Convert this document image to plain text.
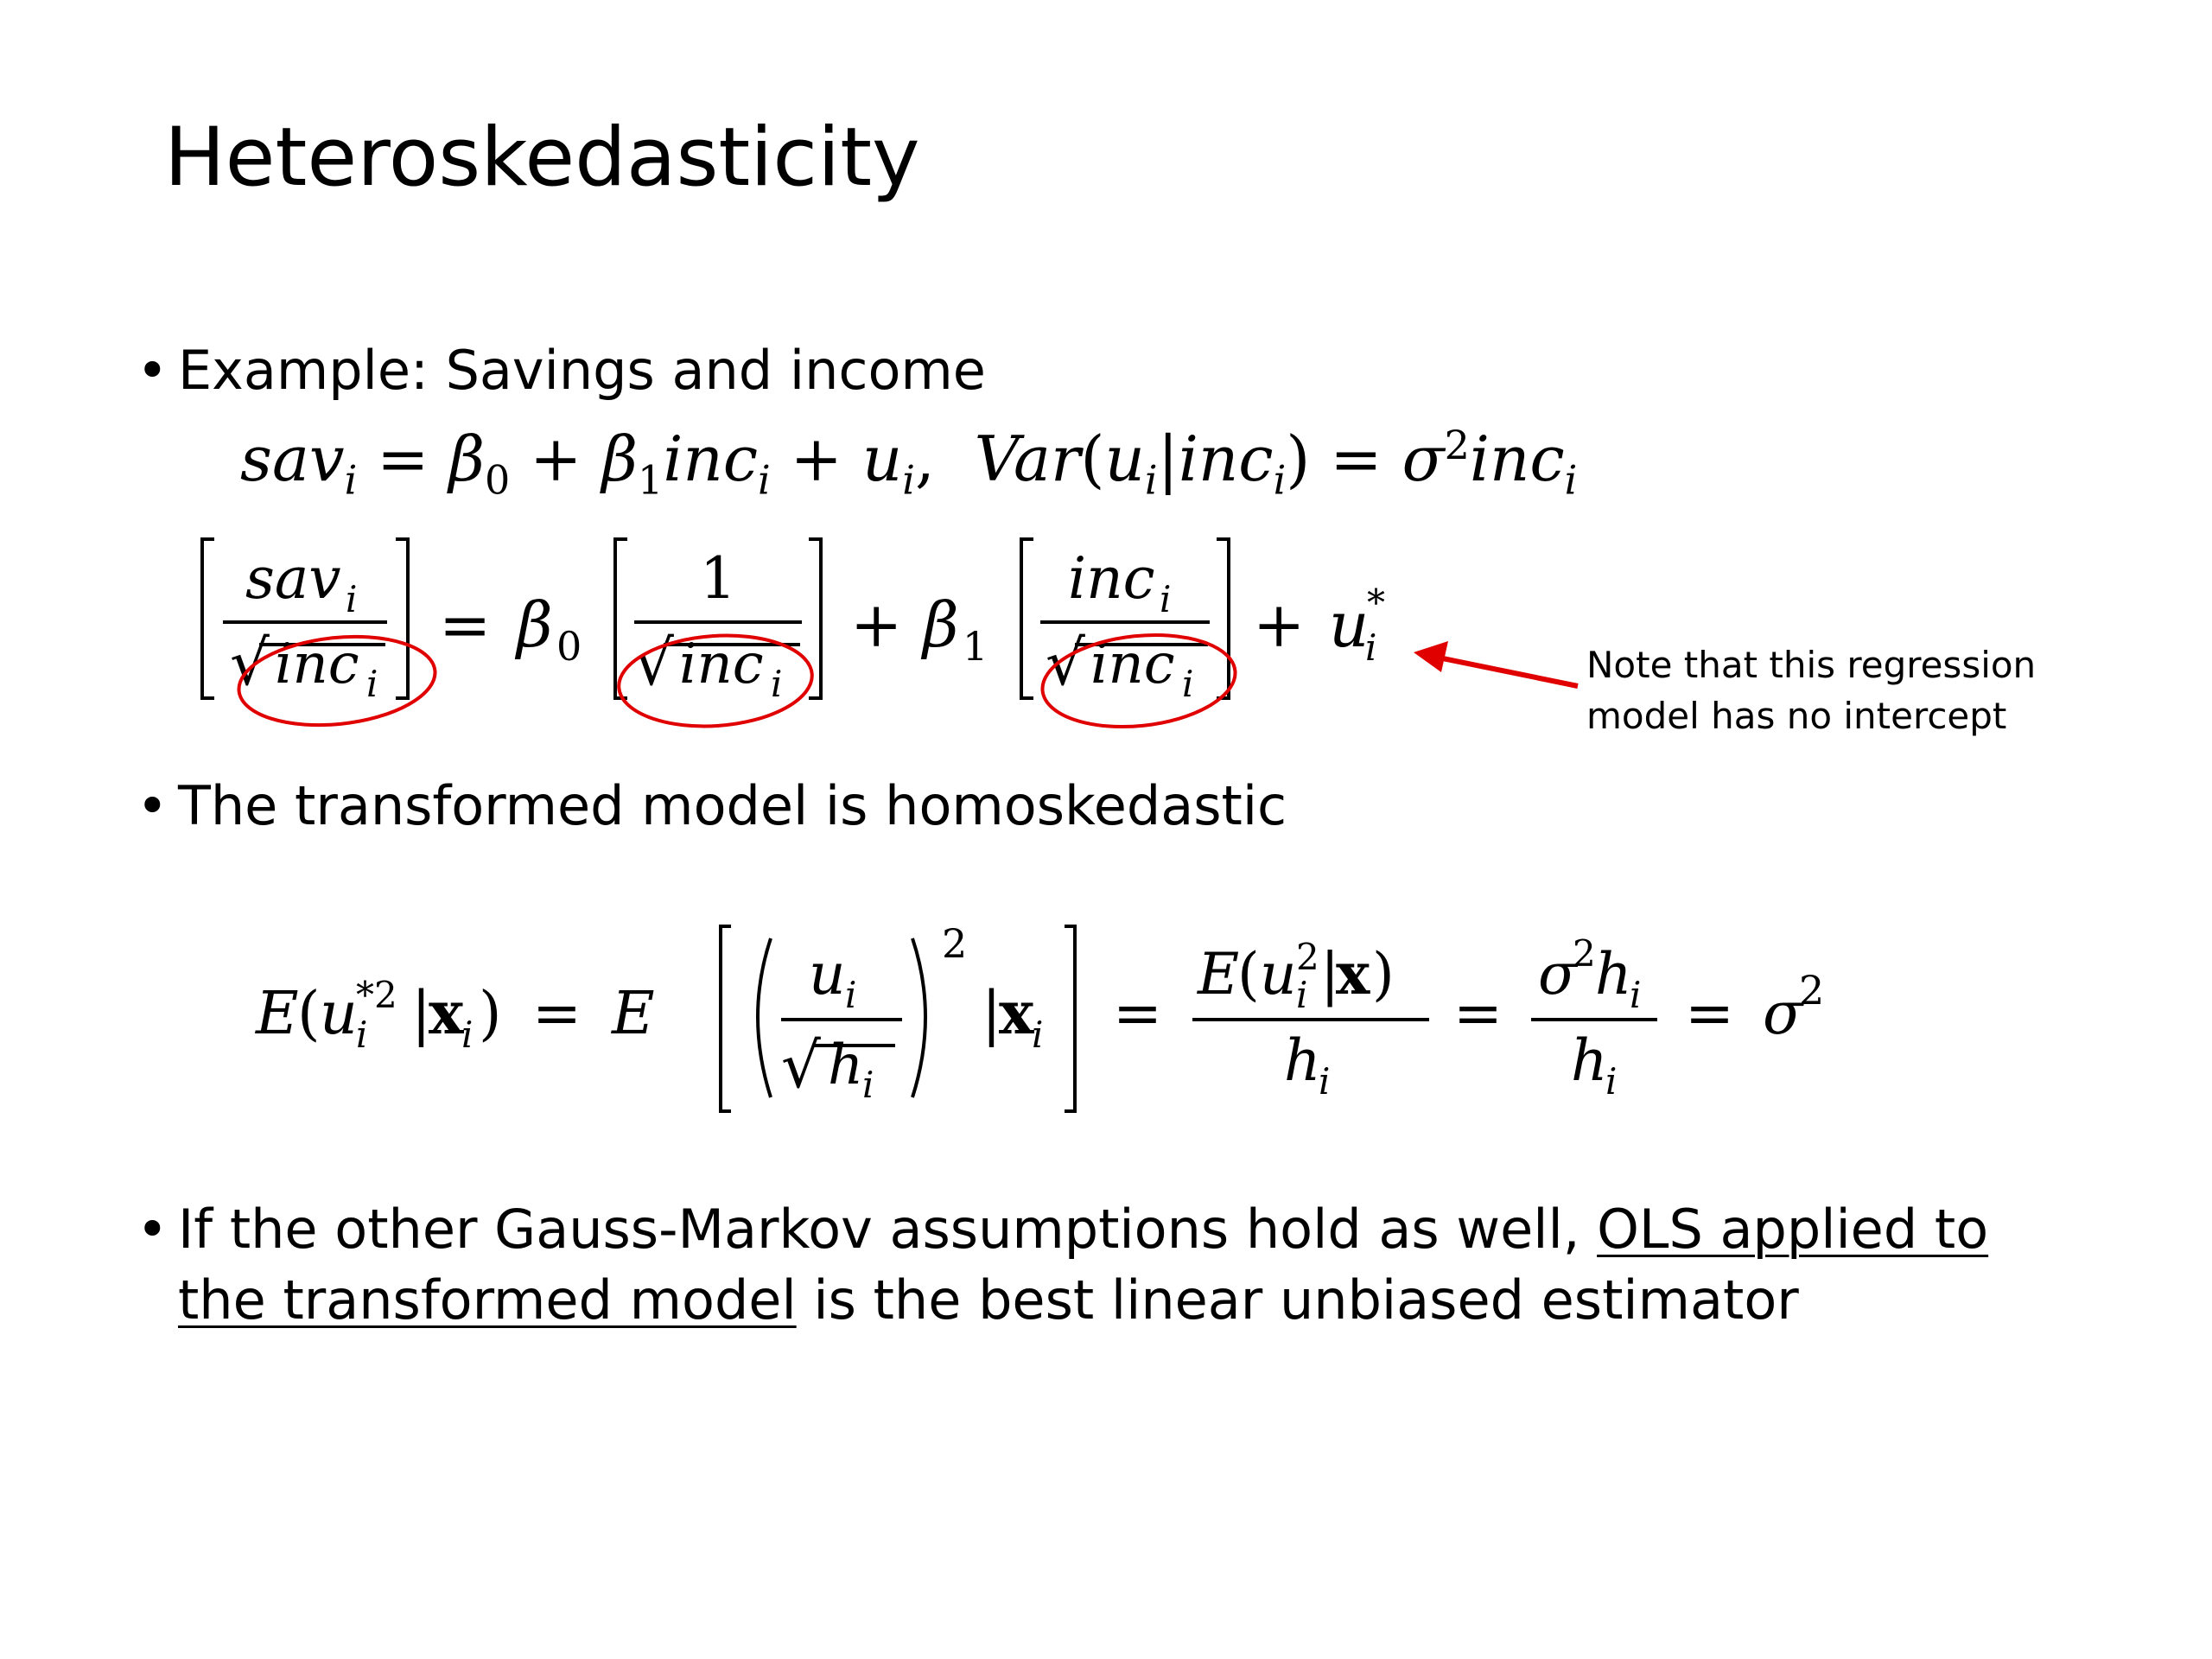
Heteroskedasticity
• Example: Savings and income
$sav_i = \beta_0 + \beta_1inc_i + u_i$,  $Var(u_i|inc_i) = \sigma^2inc_i$
sav i
√ inc i
= β 0
1
√ inc i
+ β 1
inc i
√ inc i
+ u
*
i	Note that this regression
model has no intercept
• The transformed model is homoskedastic
E
( u
*2
i |
x
i ) = E
u i
√ h
i
2
|
x
i =
E
( u 2
i |
x )
h
i
=
σ
2 h
i
h
i
= σ
2
• If the other Gauss-Markov assumptions hold as well, OLS applied to
the transformed model is the best linear unbiased estimator
